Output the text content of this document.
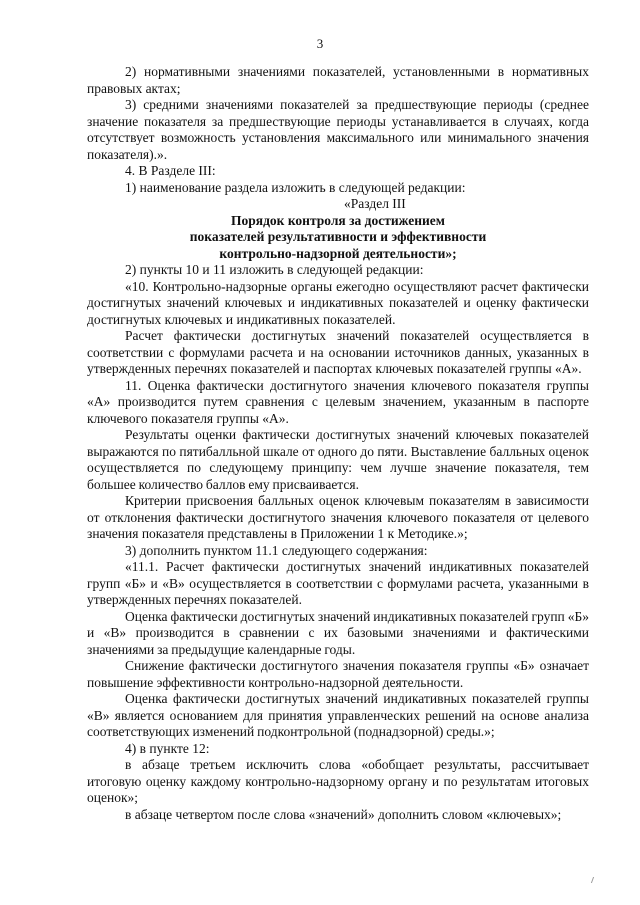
3

2) нормативными значениями показателей, установленными в нормативных правовых актах;

3) средними значениями показателей за предшествующие периоды (среднее значение показателя за предшествующие периоды устанавливается в случаях, когда отсутствует возможность установления максимального или минимального значения показателя).».

4. В Разделе III:

1) наименование раздела изложить в следующей редакции:

«Раздел III

Порядок контроля за достижением

показателей результативности и эффективности

контрольно-надзорной деятельности»;

2) пункты 10 и 11 изложить в следующей редакции:

«10. Контрольно-надзорные органы ежегодно осуществляют расчет фактически достигнутых значений ключевых и индикативных показателей и оценку фактически достигнутых ключевых и индикативных показателей.

Расчет фактически достигнутых значений показателей осуществляется в соответствии с формулами расчета и на основании источников данных, указанных в утвержденных перечнях показателей и паспортах ключевых показателей группы «А».

11. Оценка фактически достигнутого значения ключевого показателя группы «А» производится путем сравнения с целевым значением, указанным в паспорте ключевого показателя группы «А».

Результаты оценки фактически достигнутых значений ключевых показателей выражаются по пятибалльной шкале от одного до пяти. Выставление балльных оценок осуществляется по следующему принципу: чем лучше значение показателя, тем большее количество баллов ему присваивается.

Критерии присвоения балльных оценок ключевым показателям в зависимости от отклонения фактически достигнутого значения ключевого показателя от целевого значения показателя представлены в Приложении 1 к Методике.»;

3) дополнить пунктом 11.1 следующего содержания:

«11.1. Расчет фактически достигнутых значений индикативных показателей групп «Б» и «В» осуществляется в соответствии с формулами расчета, указанными в утвержденных перечнях показателей.

Оценка фактически достигнутых значений индикативных показателей групп «Б» и «В» производится в сравнении с их базовыми значениями и фактическими значениями за предыдущие календарные годы.

Снижение фактически достигнутого значения показателя группы «Б» означает повышение эффективности контрольно-надзорной деятельности.

Оценка фактически достигнутых значений индикативных показателей группы «В» является основанием для принятия управленческих решений на основе анализа соответствующих изменений подконтрольной (поднадзорной) среды.»;

4) в пункте 12:

в абзаце третьем исключить слова «обобщает результаты, рассчитывает итоговую оценку каждому контрольно-надзорному органу и по результатам итоговых оценок»;

в абзаце четвертом после слова «значений» дополнить словом «ключевых»;
